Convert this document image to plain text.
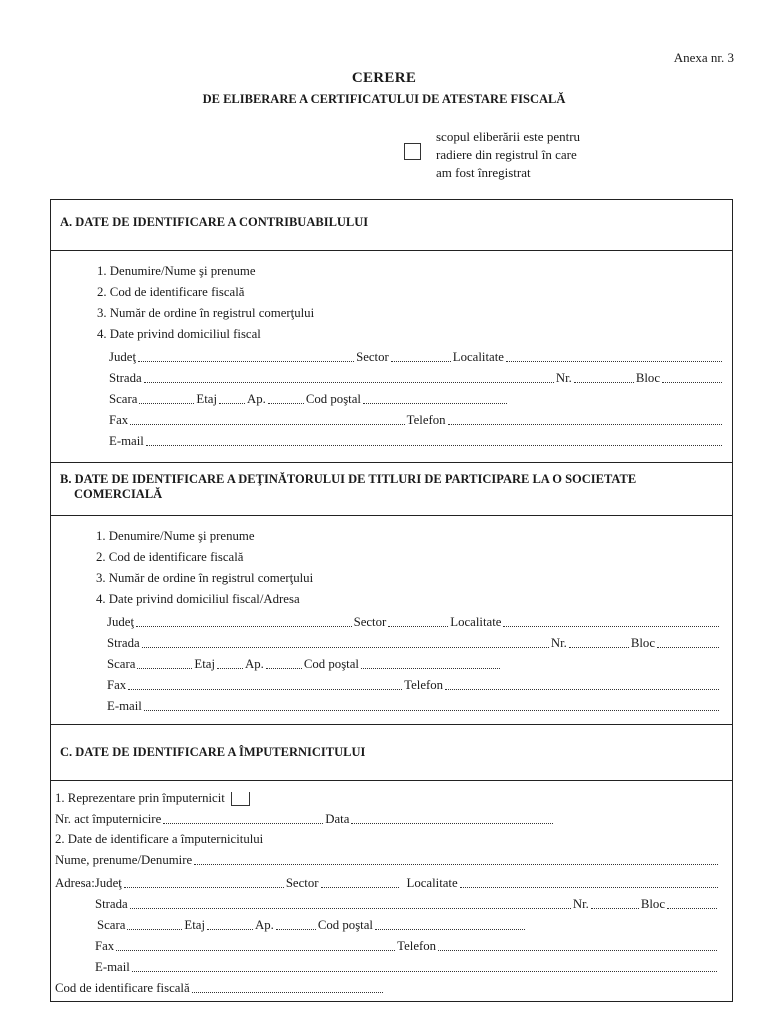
Anexa nr. 3
CERERE
DE ELIBERARE A CERTIFICATULUI DE ATESTARE FISCALĂ
scopul eliberării este pentru
radiere din registrul în care
am fost înregistrat
A. DATE DE IDENTIFICARE A CONTRIBUABILULUI
1. Denumire/Nume şi prenume
2. Cod de identificare fiscală
3. Număr de ordine în registrul comerţului
4. Date privind domiciliul fiscal
Judeţ	Sector	Localitate
Strada	Nr.	Bloc
Scara	Etaj Ap.	Cod poştal
Fax	Telefon
E-mail
B. DATE DE IDENTIFICARE A DEŢINĂTORULUI DE TITLURI DE PARTICIPARE LA O SOCIETATE
COMERCIALĂ
1. Denumire/Nume şi prenume
2. Cod de identificare fiscală
3. Număr de ordine în registrul comerţului
4. Date privind domiciliul fiscal/Adresa
Judeţ	Sector	Localitate
Strada	Nr.	Bloc
Scara	Etaj Ap.	Cod poştal
Fax	Telefon
E-mail
C. DATE DE IDENTIFICARE A ÎMPUTERNICITULUI
1. Reprezentare prin împuternicit
Nr. act împuternicire	Data
2. Date de identificare a împuternicitului
Nume, prenume/Denumire
Adresa:Judeţ	Sector	Localitate
Strada	Nr.	Bloc
Scara	Etaj	Ap.	Cod poştal
Fax	Telefon
E-mail
Cod de identificare fiscală
